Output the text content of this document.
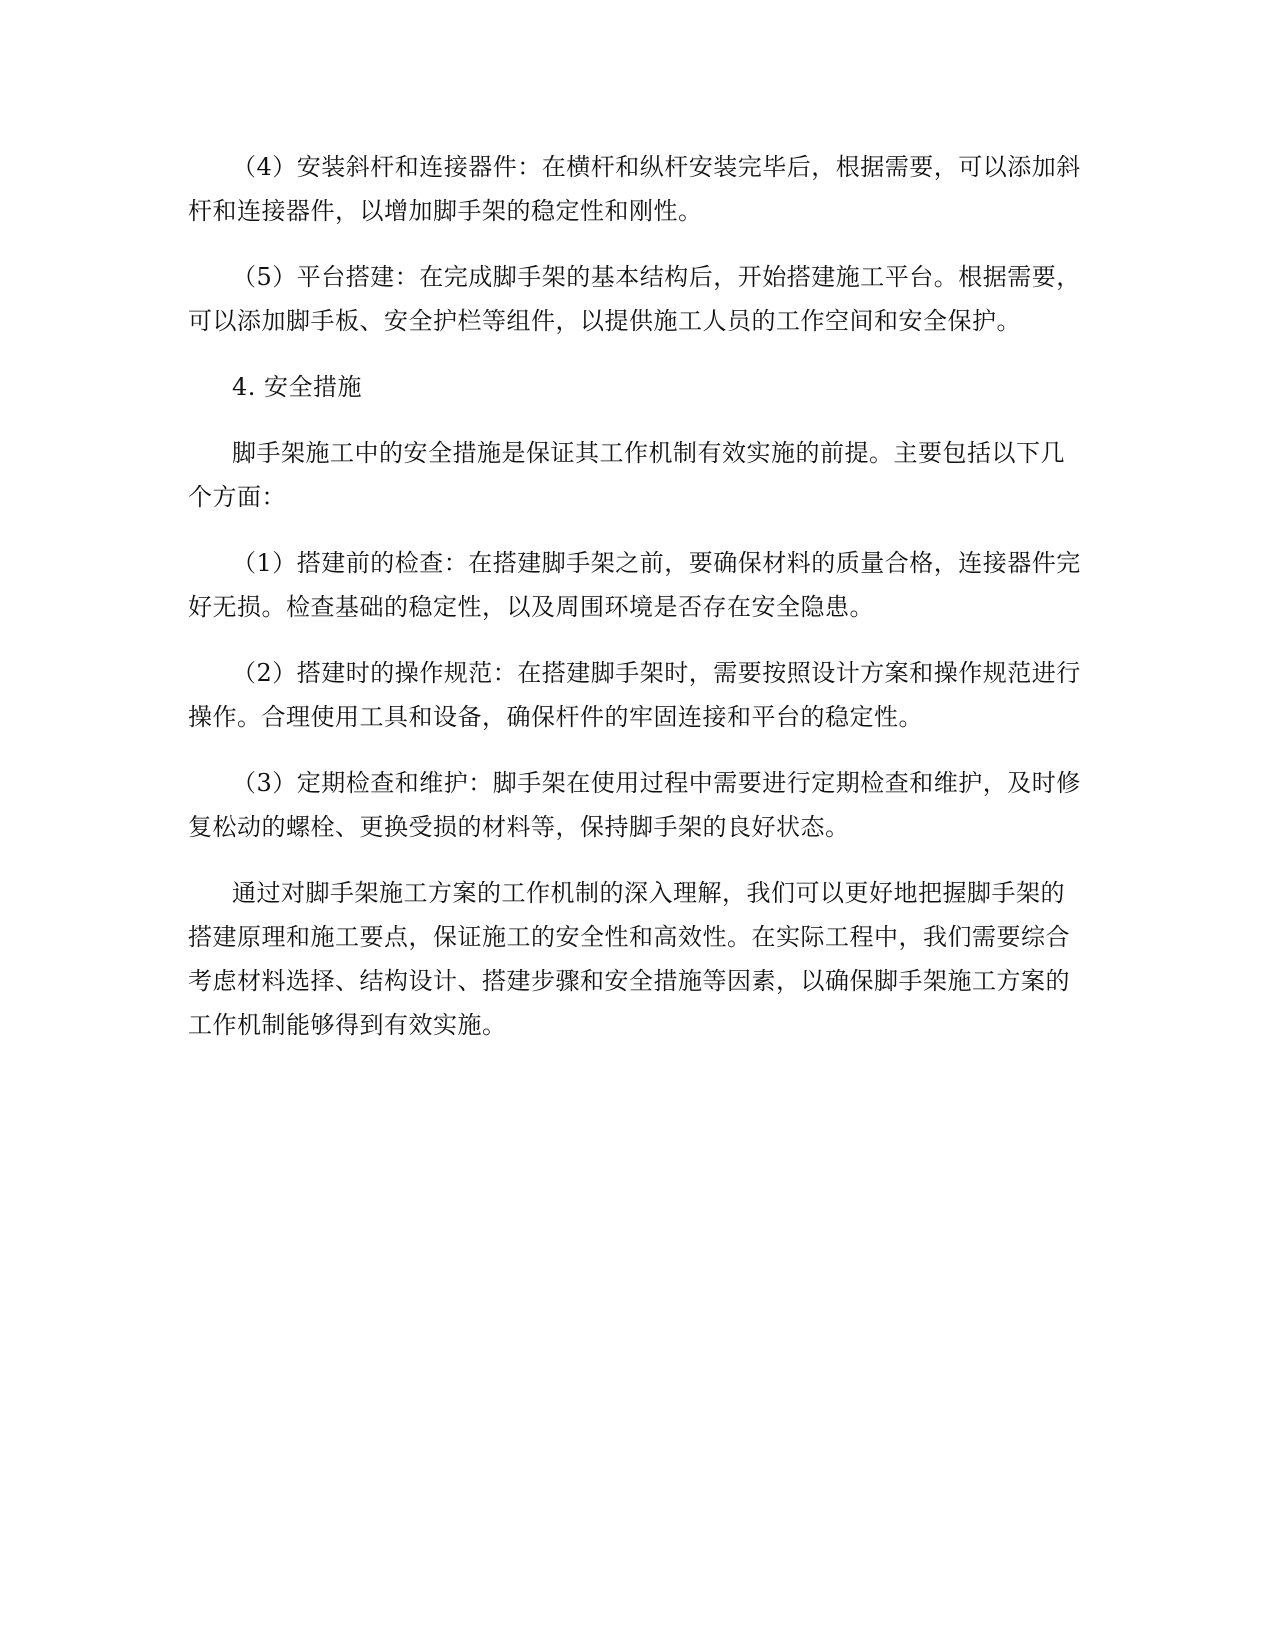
（4）安装斜杆和连接器件：在横杆和纵杆安装完毕后，根据需要，可以添加斜杆和连接器件，以增加脚手架的稳定性和刚性。

（5）平台搭建：在完成脚手架的基本结构后，开始搭建施工平台。根据需要，可以添加脚手板、安全护栏等组件，以提供施工人员的工作空间和安全保护。

4. 安全措施

脚手架施工中的安全措施是保证其工作机制有效实施的前提。主要包括以下几个方面：

（1）搭建前的检查：在搭建脚手架之前，要确保材料的质量合格，连接器件完好无损。检查基础的稳定性，以及周围环境是否存在安全隐患。

（2）搭建时的操作规范：在搭建脚手架时，需要按照设计方案和操作规范进行操作。合理使用工具和设备，确保杆件的牢固连接和平台的稳定性。

（3）定期检查和维护：脚手架在使用过程中需要进行定期检查和维护，及时修复松动的螺栓、更换受损的材料等，保持脚手架的良好状态。

通过对脚手架施工方案的工作机制的深入理解，我们可以更好地把握脚手架的搭建原理和施工要点，保证施工的安全性和高效性。在实际工程中，我们需要综合考虑材料选择、结构设计、搭建步骤和安全措施等因素，以确保脚手架施工方案的工作机制能够得到有效实施。
